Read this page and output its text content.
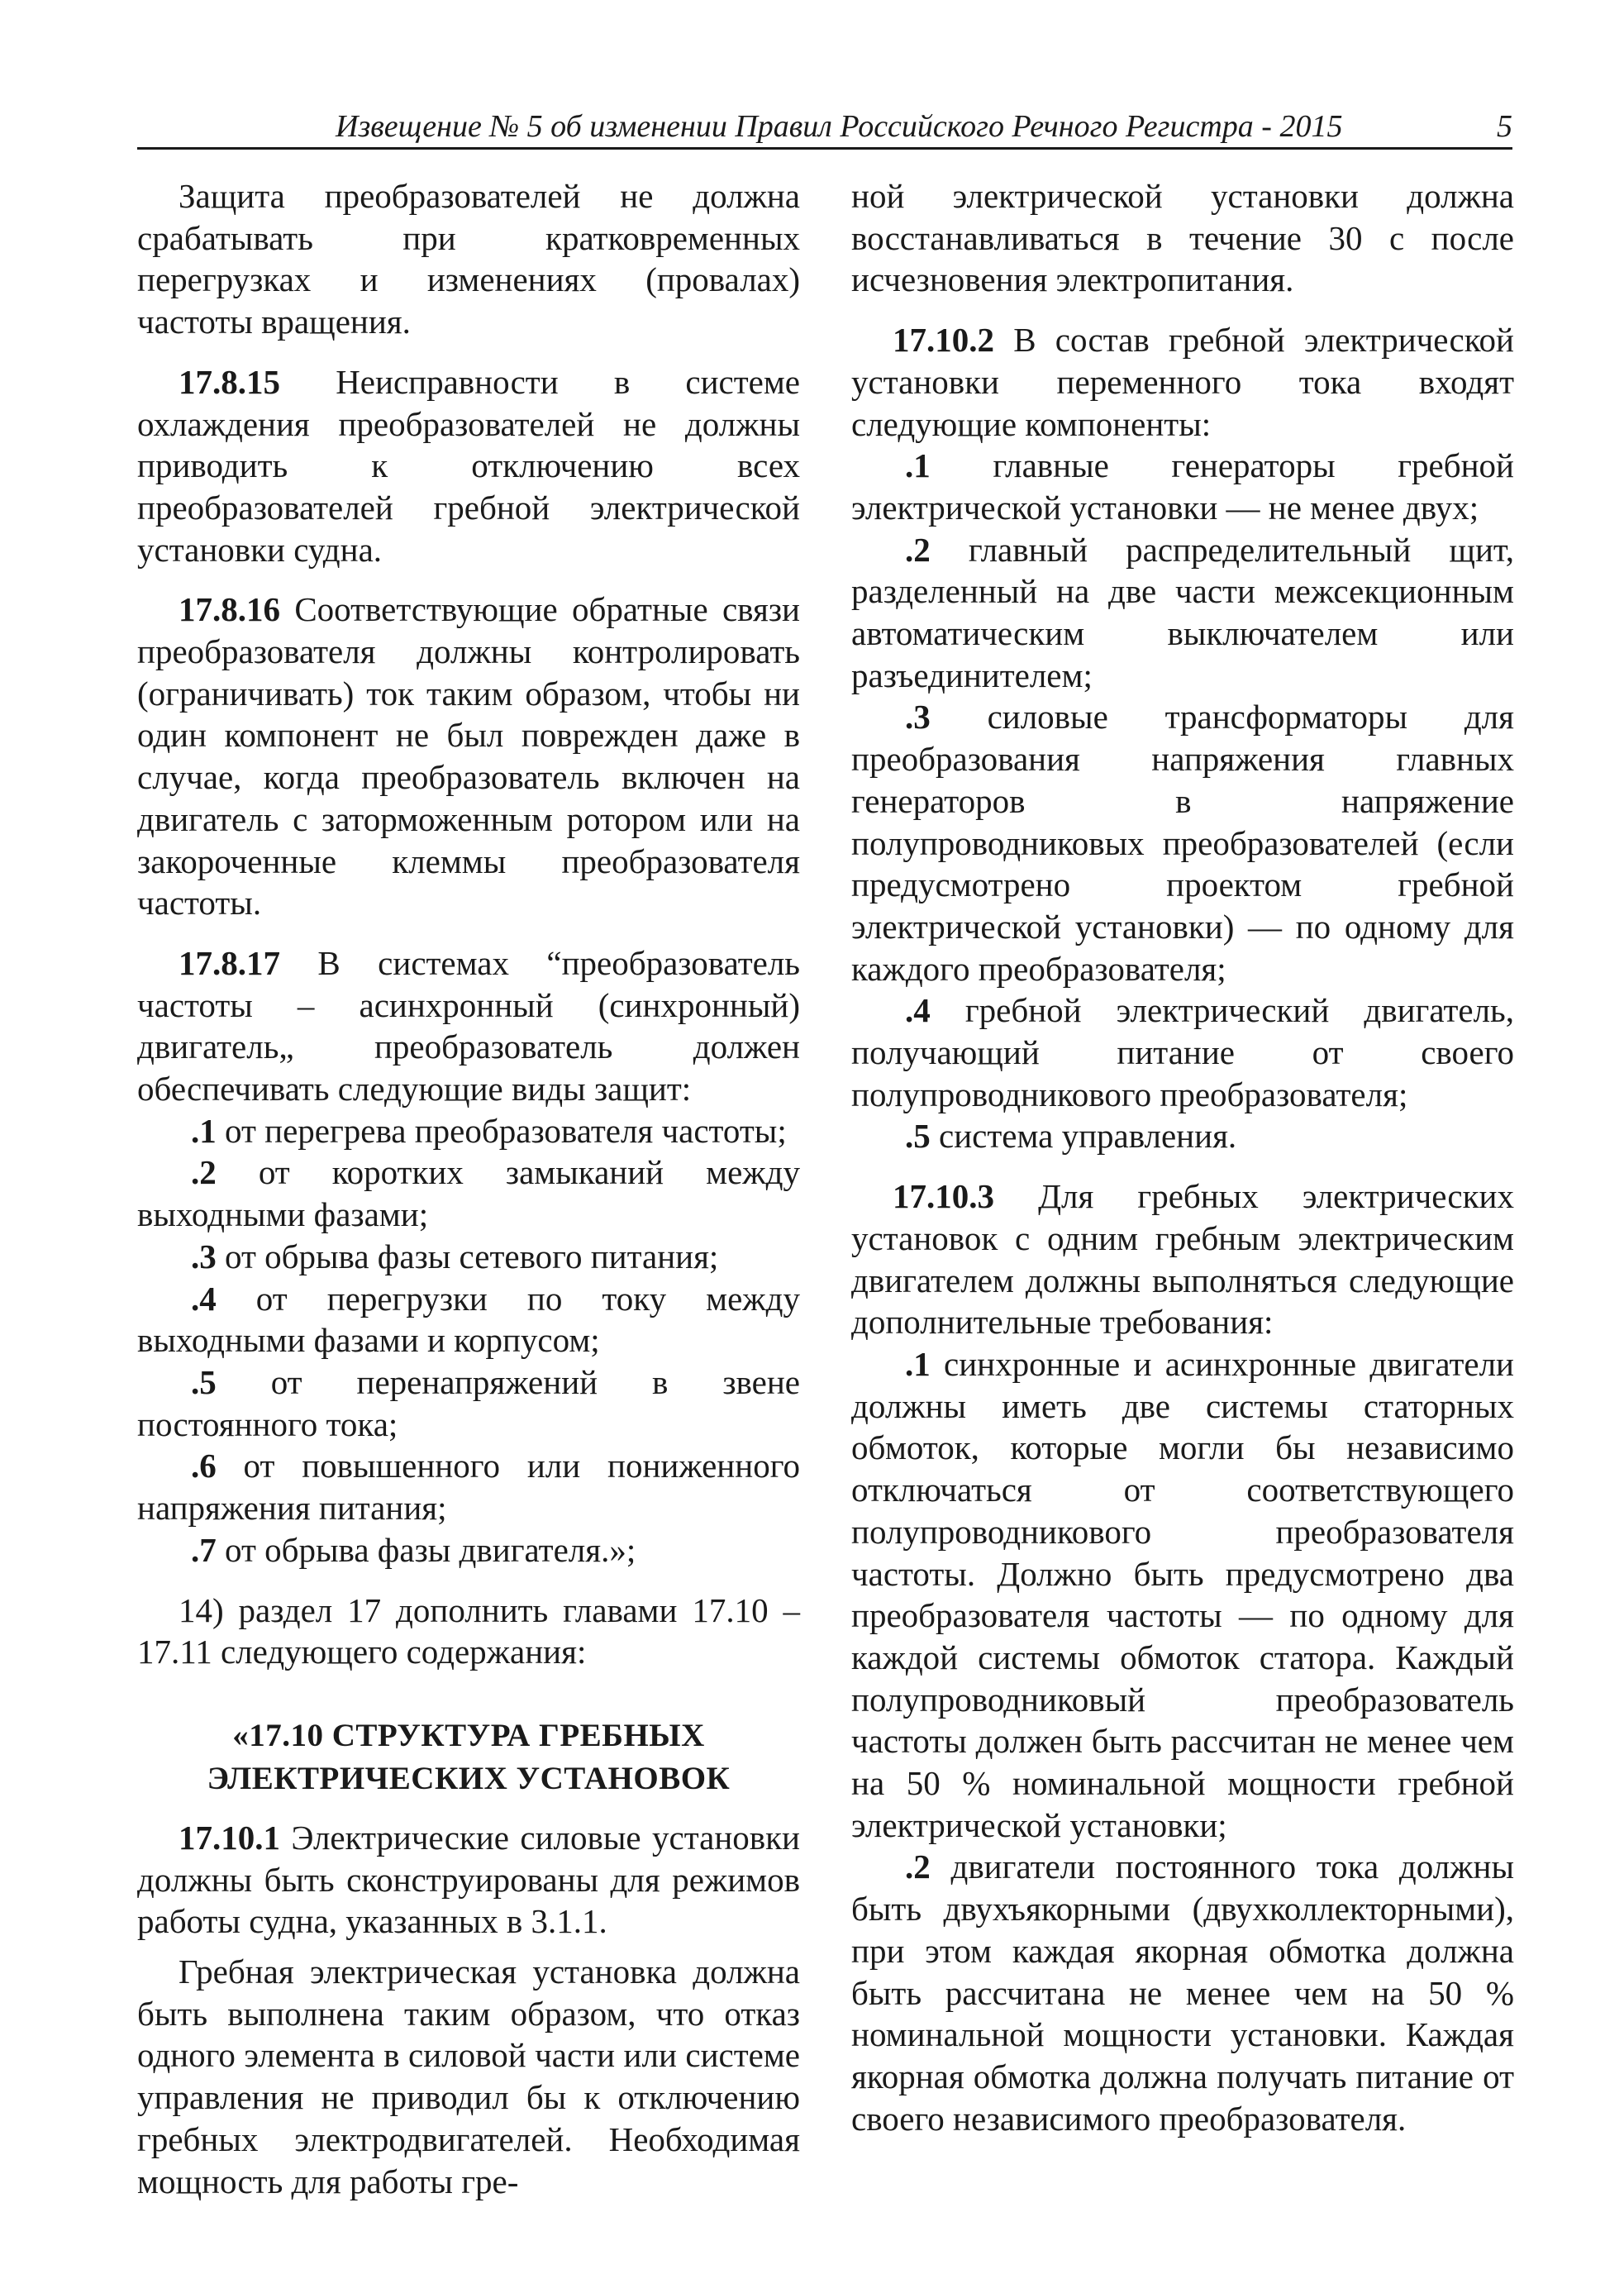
Извещение № 5 об изменении Правил Российского Речного Регистра - 2015	5

Защита преобразователей не должна срабатывать при кратковременных перегрузках и изменениях (провалах) частоты вращения.

17.8.15 Неисправности в системе охлаждения преобразователей не должны приводить к отключению всех преобразователей гребной электрической установки судна.

17.8.16 Соответствующие обратные связи преобразователя должны контролировать (ограничивать) ток таким образом, чтобы ни один компонент не был поврежден даже в случае, когда преобразователь включен на двигатель с заторможенным ротором или на закороченные клеммы преобразователя частоты.

17.8.17 В системах “преобразователь частоты – асинхронный (синхронный) двигатель„ преобразователь должен обеспечивать следующие виды защит:

.1 от перегрева преобразователя частоты;

.2 от коротких замыканий между выходными фазами;

.3 от обрыва фазы сетевого питания;

.4 от перегрузки по току между выходными фазами и корпусом;

.5 от перенапряжений в звене постоянного тока;

.6 от повышенного или пониженного напряжения питания;

.7 от обрыва фазы двигателя.»;

14) раздел 17 дополнить главами 17.10 – 17.11 следующего содержания:

«17.10 СТРУКТУРА ГРЕБНЫХ
ЭЛЕКТРИЧЕСКИХ УСТАНОВОК

17.10.1 Электрические силовые установки должны быть сконструированы для режимов работы судна, указанных в 3.1.1.

Гребная электрическая установка должна быть выполнена таким образом, что отказ одного элемента в силовой части или системе управления не приводил бы к отключению гребных электродвигателей. Необходимая мощность для работы гре-

ной электрической установки должна восстанавливаться в течение 30 с после исчезновения электропитания.

17.10.2 В состав гребной электрической установки переменного тока входят следующие компоненты:

.1 главные генераторы гребной электрической установки — не менее двух;

.2 главный распределительный щит, разделенный на две части межсекционным автоматическим выключателем или разъединителем;

.3 силовые трансформаторы для преобразования напряжения главных генераторов в напряжение полупроводниковых преобразователей (если предусмотрено проектом гребной электрической установки) — по одному для каждого преобразователя;

.4 гребной электрический двигатель, получающий питание от своего полупроводникового преобразователя;

.5 система управления.

17.10.3 Для гребных электрических установок с одним гребным электрическим двигателем должны выполняться следующие дополнительные требования:

.1 синхронные и асинхронные двигатели должны иметь две системы статорных обмоток, которые могли бы независимо отключаться от соответствующего полупроводникового преобразователя частоты. Должно быть предусмотрено два преобразователя частоты — по одному для каждой системы обмоток статора. Каждый полупроводниковый преобразователь частоты должен быть рассчитан не менее чем на 50 % номинальной мощности гребной электрической установки;

.2 двигатели постоянного тока должны быть двухъякорными (двухколлекторными), при этом каждая якорная обмотка должна быть рассчитана не менее чем на 50 % номинальной мощности установки. Каждая якорная обмотка должна получать питание от своего независимого преобразователя.
